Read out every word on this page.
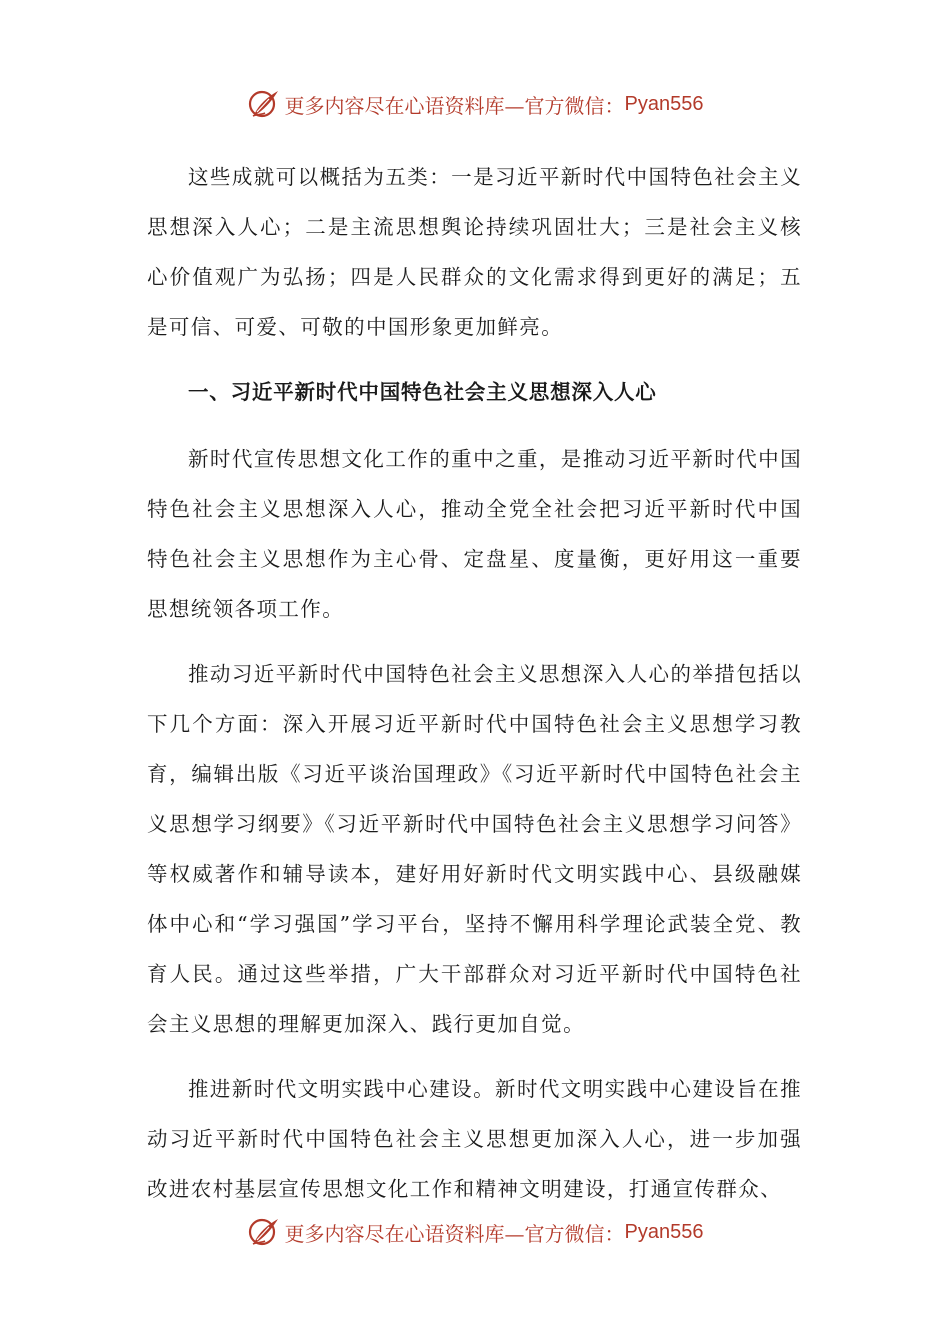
更多内容尽在心语资料库—官方微信： Pyan556

这些成就可以概括为五类：一是习近平新时代中国特色社会主义思想深入人心；二是主流思想舆论持续巩固壮大；三是社会主义核心价值观广为弘扬；四是人民群众的文化需求得到更好的满足；五是可信、可爱、可敬的中国形象更加鲜亮。

一、习近平新时代中国特色社会主义思想深入人心

新时代宣传思想文化工作的重中之重，是推动习近平新时代中国特色社会主义思想深入人心，推动全党全社会把习近平新时代中国特色社会主义思想作为主心骨、定盘星、度量衡，更好用这一重要思想统领各项工作。

推动习近平新时代中国特色社会主义思想深入人心的举措包括以下几个方面：深入开展习近平新时代中国特色社会主义思想学习教育，编辑出版《习近平谈治国理政》《习近平新时代中国特色社会主义思想学习纲要》《习近平新时代中国特色社会主义思想学习问答》等权威著作和辅导读本，建好用好新时代文明实践中心、县级融媒体中心和“学习强国”学习平台，坚持不懈用科学理论武装全党、教育人民。通过这些举措，广大干部群众对习近平新时代中国特色社会主义思想的理解更加深入、践行更加自觉。

推进新时代文明实践中心建设。新时代文明实践中心建设旨在推动习近平新时代中国特色社会主义思想更加深入人心，进一步加强改进农村基层宣传思想文化工作和精神文明建设，打通宣传群众、

更多内容尽在心语资料库—官方微信： Pyan556
